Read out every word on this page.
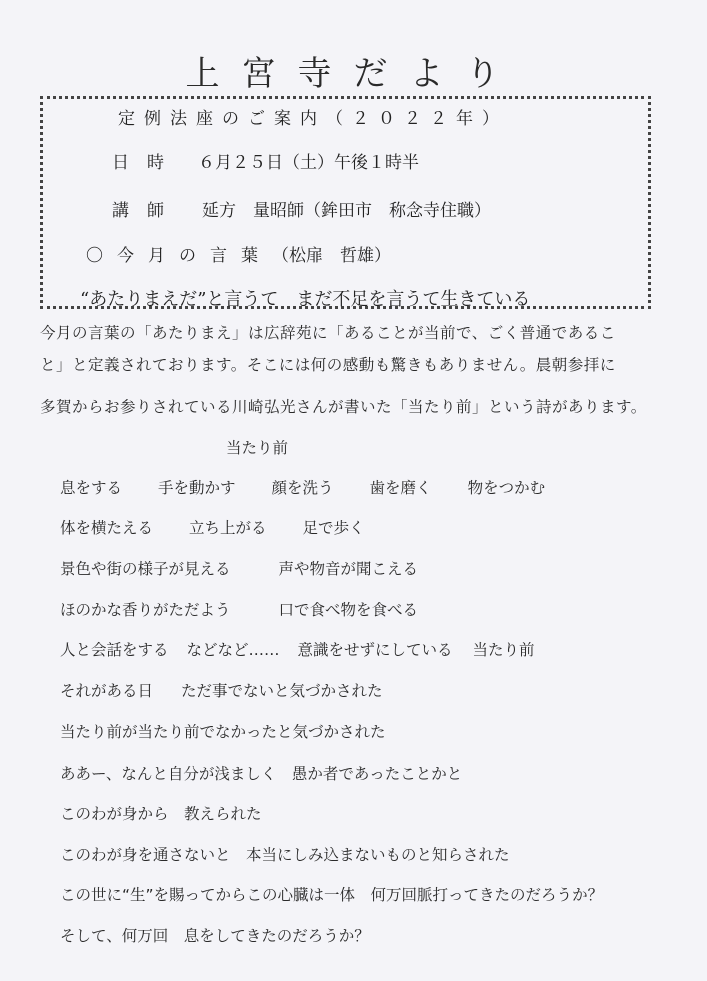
上宮寺だより
定例法座のご案内（２０２２年）
日時 ６月２５日（土）午後１時半
講師 延方　量昭師（鉾田市　称念寺住職）
〇今月の言葉（松扉　哲雄）
“あたりまえだ”と言うて　まだ不足を言うて生きている
今月の言葉の「あたりまえ」は広辞苑に「あることが当前で、ごく普通であるこ
と」と定義されております。そこには何の感動も驚きもありません。晨朝参拝に
多賀からお参りされている川崎弘光さんが書いた「当たり前」という詩があります。
当たり前
息をする 手を動かす 顔を洗う 歯を磨く 物をつかむ
体を横たえる 立ち上がる 足で歩く
景色や街の様子が見える	声や物音が聞こえる
ほのかな香りがただよう	口で食べ物を食べる
人と会話をする などなど…… 意識をせずにしている 当たり前
それがある日 ただ事でないと気づかされた
当たり前が当たり前でなかったと気づかされた
ああー、なんと自分が浅ましく　愚か者であったことかと
このわが身から　教えられた
このわが身を通さないと　本当にしみ込まないものと知らされた
この世に“生”を賜ってからこの心臓は一体　何万回脈打ってきたのだろうか？
そして、何万回　息をしてきたのだろうか？
